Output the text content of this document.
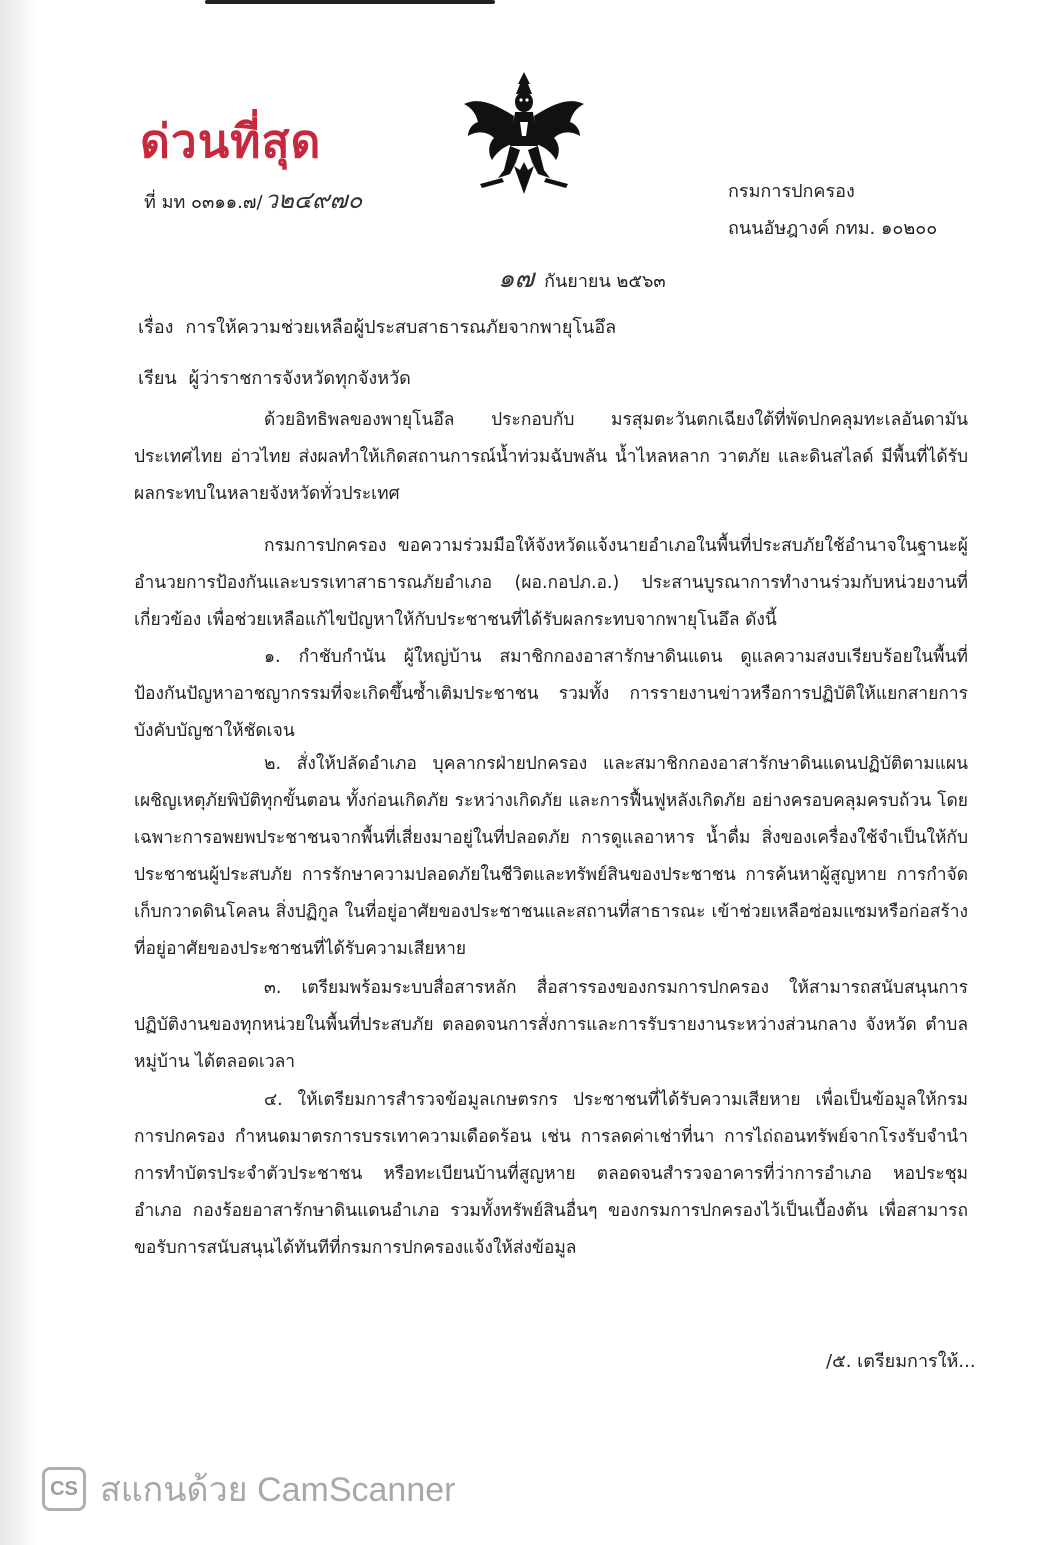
ด่วนที่สุด
ที่ มท ๐๓๑๑.๗/ว๒๔๙๗๐	กรมการปกครอง
ถนนอัษฎางค์ กทม. ๑๐๒๐๐
๑๗ กันยายน ๒๕๖๓
เรื่อง การให้ความช่วยเหลือผู้ประสบสาธารณภัยจากพายุโนอึล
เรียน ผู้ว่าราชการจังหวัดทุกจังหวัด

ด้วยอิทธิพลของพายุโนอึล ประกอบกับ มรสุมตะวันตกเฉียงใต้ที่พัดปกคลุมทะเลอันดามัน ประเทศไทย อ่าวไทย ส่งผลทำให้เกิดสถานการณ์น้ำท่วมฉับพลัน น้ำไหลหลาก วาตภัย และดินสไลด์ มีพื้นที่ได้รับผลกระทบในหลายจังหวัดทั่วประเทศ

กรมการปกครอง ขอความร่วมมือให้จังหวัดแจ้งนายอำเภอในพื้นที่ประสบภัยใช้อำนาจในฐานะผู้อำนวยการป้องกันและบรรเทาสาธารณภัยอำเภอ (ผอ.กอปภ.อ.) ประสานบูรณาการทำงานร่วมกับหน่วยงานที่เกี่ยวข้อง เพื่อช่วยเหลือแก้ไขปัญหาให้กับประชาชนที่ได้รับผลกระทบจากพายุโนอึล ดังนี้

๑. กำชับกำนัน ผู้ใหญ่บ้าน สมาชิกกองอาสารักษาดินแดน ดูแลความสงบเรียบร้อยในพื้นที่ ป้องกันปัญหาอาชญากรรมที่จะเกิดขึ้นซ้ำเติมประชาชน รวมทั้ง การรายงานข่าวหรือการปฏิบัติให้แยกสายการบังคับบัญชาให้ชัดเจน

๒. สั่งให้ปลัดอำเภอ บุคลากรฝ่ายปกครอง และสมาชิกกองอาสารักษาดินแดนปฏิบัติตามแผนเผชิญเหตุภัยพิบัติทุกขั้นตอน ทั้งก่อนเกิดภัย ระหว่างเกิดภัย และการฟื้นฟูหลังเกิดภัย อย่างครอบคลุมครบถ้วน โดยเฉพาะการอพยพประชาชนจากพื้นที่เสี่ยงมาอยู่ในที่ปลอดภัย การดูแลอาหาร น้ำดื่ม สิ่งของเครื่องใช้จำเป็นให้กับประชาชนผู้ประสบภัย การรักษาความปลอดภัยในชีวิตและทรัพย์สินของประชาชน การค้นหาผู้สูญหาย การกำจัดเก็บกวาดดินโคลน สิ่งปฏิกูล ในที่อยู่อาศัยของประชาชนและสถานที่สาธารณะ เข้าช่วยเหลือซ่อมแซมหรือก่อสร้างที่อยู่อาศัยของประชาชนที่ได้รับความเสียหาย

๓. เตรียมพร้อมระบบสื่อสารหลัก สื่อสารรองของกรมการปกครอง ให้สามารถสนับสนุนการปฏิบัติงานของทุกหน่วยในพื้นที่ประสบภัย ตลอดจนการสั่งการและการรับรายงานระหว่างส่วนกลาง จังหวัด ตำบล หมู่บ้าน ได้ตลอดเวลา

๔. ให้เตรียมการสำรวจข้อมูลเกษตรกร ประชาชนที่ได้รับความเสียหาย เพื่อเป็นข้อมูลให้กรมการปกครอง กำหนดมาตรการบรรเทาความเดือดร้อน เช่น การลดค่าเช่าที่นา การไถ่ถอนทรัพย์จากโรงรับจำนำ การทำบัตรประจำตัวประชาชน หรือทะเบียนบ้านที่สูญหาย ตลอดจนสำรวจอาคารที่ว่าการอำเภอ หอประชุมอำเภอ กองร้อยอาสารักษาดินแดนอำเภอ รวมทั้งทรัพย์สินอื่นๆ ของกรมการปกครองไว้เป็นเบื้องต้น เพื่อสามารถขอรับการสนับสนุนได้ทันทีที่กรมการปกครองแจ้งให้ส่งข้อมูล

/๕. เตรียมการให้...
CS สแกนด้วย CamScanner
